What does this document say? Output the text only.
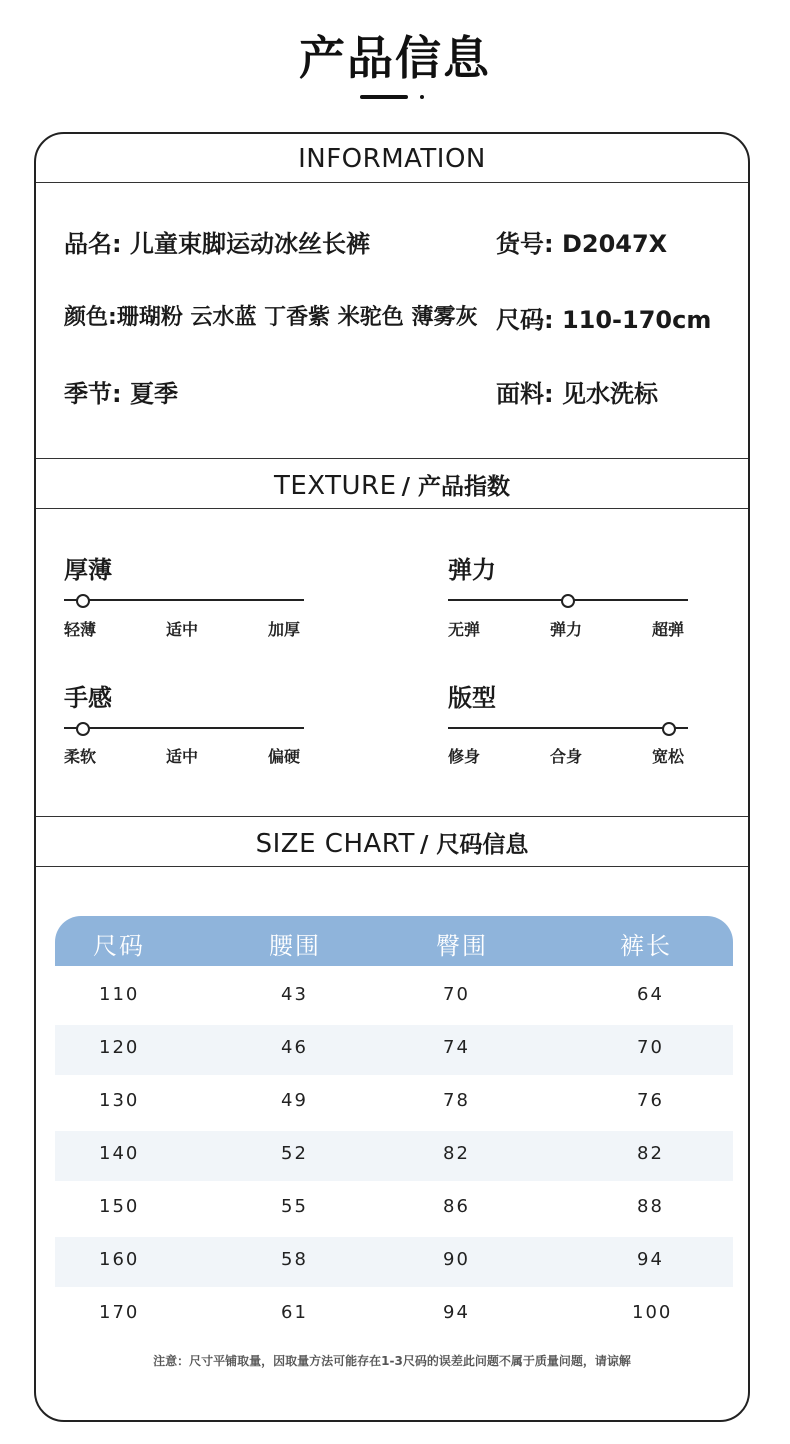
产品信息
INFORMATION
品名: 儿童束脚运动冰丝长裤	货号: D2047X
颜色:珊瑚粉 云水蓝 丁香紫 米驼色 薄雾灰 尺码: 110-170cm
季节: 夏季	面料: 见水洗标
TEXTURE / 产品指数
厚薄
轻薄	适中	加厚
弹力
无弹	弹力	超弹
手感
柔软	适中	偏硬
版型
修身	合身	宽松
SIZE CHART / 尺码信息
尺码	腰围	臀围	裤长
110	43	70	64
120	46	74	70
130	49	78	76
140	52	82	82
150	55	86	88
160	58	90	94
170	61	94	100
注意：尺寸平铺取量，因取量方法可能存在1-3尺码的误差此问题不属于质量问题，请谅解
